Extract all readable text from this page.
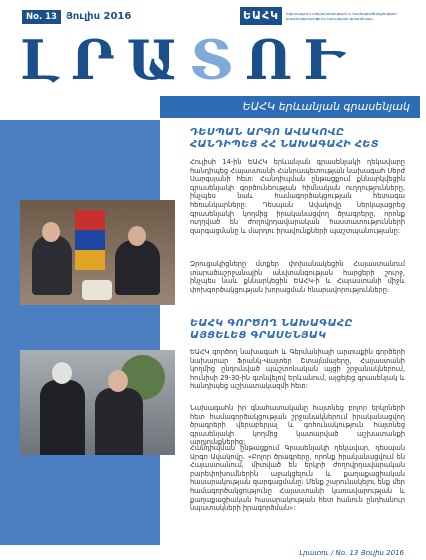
No. 13 Յուլիս 2016	ԵԱՀԿ	Եվրոպայում անվտանգության և համագործակցության կազմակերպություն Երևանյան գրասենյակ
ԼՐԱՏՈՒ
ԵԱՀԿ երևանյան գրասենյակ
ԴԵՍՊԱՆ ԱՐԳՈ ԱՎԱԿՈՎԸ ՀԱՆԴԻՊԵՑ ՀՀ ՆԱԽԱԳԱՀԻ ՀԵՏ
Հուլիսի 14-ին ԵԱՀԿ երևանյան գրասենյակի ղեկավարը հանդիպեց Հայաստանի Հանրապետության նախագահ Սերժ Սարգսյանի հետ: Հանդիպման ընթացքում քննարկվեցին գրասենյակի գործունեության հիմնական ուղղությունները, ինչպես նաև համագործակցության հետագա հեռանկարները: Դեսպան Ավակովը ներկայացրեց գրասենյակի կողմից իրականացվող ծրագրերը, որոնք ուղղված են ժողովրդավարական հաստատությունների զարգացմանը և մարդու իրավունքների պաշտպանությանը:
Զրուցակիցները մտքեր փոխանակեցին Հայաստանում տարածաշրջանային անվտանգության հարցերի շուրջ, ինչպես նաև քննարկեցին ԵԱՀԿ-ի և Հայաստանի միջև փոխգործակցության խորացման հնարավորությունները:
ԵԱՀԿ ԳՈՐԾՈՂ ՆԱԽԱԳԱՀԸ ԱՅՑԵԼԵՑ ԳՐԱՍԵՆՅԱԿ
ԵԱՀԿ գործող նախագահ և Գերմանիայի արտաքին գործերի նախարար Ֆրանկ-Վալտեր Շտայնմայերը, Հայաստանի կողմից ընդունված պաշտոնական այցի շրջանակներում, հունիսի 29-30-ին գտնվելով Երևանում, այցելեց գրասենյակ և հանդիպեց աշխատակազմի հետ:
Նախագահն իր գնահատականը հայտնեց բոլոր երկրների հետ համագործակցության շրջանակներում իրականացվող ծրագրերի վերաբերյալ և գոհունակություն հայտնեց գրասենյակի կողմից կատարված աշխատանքի արդյունքներից:
Հանդիպման ընթացքում Գրասենյակի ղեկավար, դեսպան Արգո Ավակովը. «Բոլոր ծրագրերը, որոնք իրականացվում են Հայաստանում, միտված են երկրի ժողովրդավարական բարեփոխումներին աջակցելուն և քաղաքացիական հասարակության զարգացմանը: Մենք շարունակելու ենք մեր համագործակցությունը Հայաստանի կառավարության և քաղաքացիական հասարակության հետ հանուն ընդհանուր նպատակների իրագործման»:
Լրատու / No. 13 Յուլիս 2016
